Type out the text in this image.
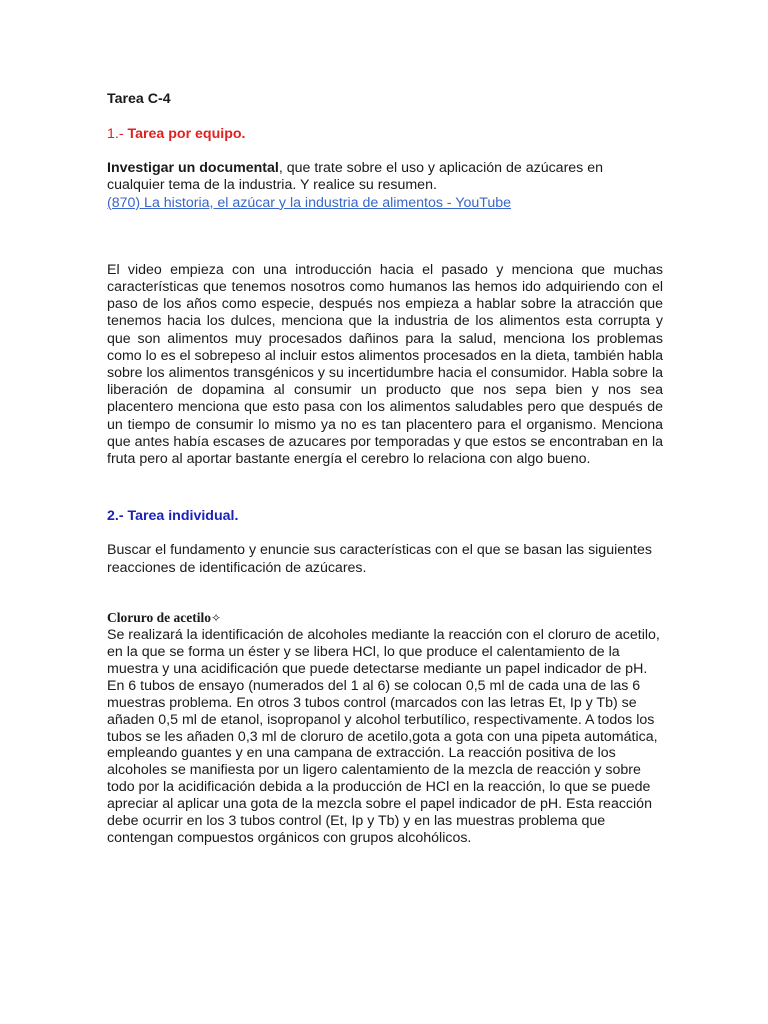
Tarea C-4
1.- Tarea por equipo.
Investigar un documental, que trate sobre el uso y aplicación de azúcares en cualquier tema de la industria. Y realice su resumen.
(870) La historia, el azúcar y la industria de alimentos - YouTube
El video empieza con una introducción hacia el pasado y menciona que muchas características que tenemos nosotros como humanos las hemos ido adquiriendo con el paso de los años como especie, después nos empieza a hablar sobre la atracción que tenemos hacia los dulces, menciona que la industria de los alimentos esta corrupta y que son alimentos muy procesados dañinos para la salud, menciona los problemas como lo es el sobrepeso al incluir estos alimentos procesados en la dieta, también habla sobre los alimentos transgénicos y su incertidumbre hacia el consumidor. Habla sobre la liberación de dopamina al consumir un producto que nos sepa bien y nos sea placentero menciona que esto pasa con los alimentos saludables pero que después de un tiempo de consumir lo mismo ya no es tan placentero para el organismo. Menciona que antes había escases de azucares por temporadas y que estos se encontraban en la fruta pero al aportar bastante energía el cerebro lo relaciona con algo bueno.
2.- Tarea individual.
Buscar el fundamento y enuncie sus características con el que se basan las siguientes reacciones de identificación de azúcares.
Cloruro de acetilo✧
Se realizará la identificación de alcoholes mediante la reacción con el cloruro de acetilo, en la que se forma un éster y se libera HCl, lo que produce el calentamiento de la muestra y una acidificación que puede detectarse mediante un papel indicador de pH. En 6 tubos de ensayo (numerados del 1 al 6) se colocan 0,5 ml de cada una de las 6 muestras problema. En otros 3 tubos control (marcados con las letras Et, Ip y Tb) se añaden 0,5 ml de etanol, isopropanol y alcohol terbutílico, respectivamente. A todos los tubos se les añaden 0,3 ml de cloruro de acetilo,gota a gota con una pipeta automática, empleando guantes y en una campana de extracción. La reacción positiva de los alcoholes se manifiesta por un ligero calentamiento de la mezcla de reacción y sobre todo por la acidificación debida a la producción de HCl en la reacción, lo que se puede apreciar al aplicar una gota de la mezcla sobre el papel indicador de pH. Esta reacción debe ocurrir en los 3 tubos control (Et, Ip y Tb) y en las muestras problema que contengan compuestos orgánicos con grupos alcohólicos.
